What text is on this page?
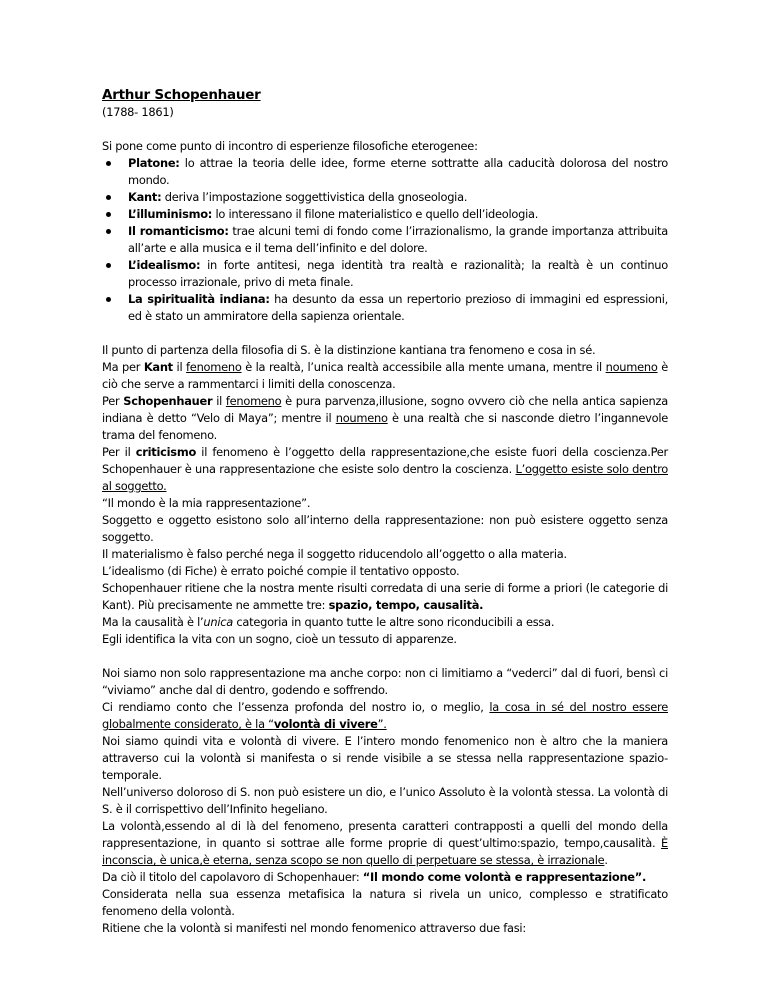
Arthur Schopenhauer
(1788- 1861)

Si pone come punto di incontro di esperienze filosofiche eterogenee:

Platone: lo attrae la teoria delle idee, forme eterne sottratte alla caducità dolorosa del nostro mondo.
Kant: deriva l’impostazione soggettivistica della gnoseologia.
L’illuminismo: lo interessano il filone materialistico e quello dell’ideologia.
Il romanticismo: trae alcuni temi di fondo come l’irrazionalismo, la grande importanza attribuita all’arte e alla musica e il tema dell’infinito e del dolore.
L’idealismo: in forte antitesi, nega identità tra realtà e razionalità; la realtà è un continuo processo irrazionale, privo di meta finale.
La spiritualità indiana: ha desunto da essa un repertorio prezioso di immagini ed espressioni, ed è stato un ammiratore della sapienza orientale.

Il punto di partenza della filosofia di S. è la distinzione kantiana tra fenomeno e cosa in sé.

Ma per Kant il fenomeno è la realtà, l’unica realtà accessibile alla mente umana, mentre il noumeno è ciò che serve a rammentarci i limiti della conoscenza.

Per Schopenhauer il fenomeno è pura parvenza,illusione, sogno ovvero ciò che nella antica sapienza indiana è detto “Velo di Maya”; mentre il noumeno è una realtà che si nasconde dietro l’ingannevole trama del fenomeno.

Per il criticismo il fenomeno è l’oggetto della rappresentazione,che esiste fuori della coscienza.Per Schopenhauer è una rappresentazione che esiste solo dentro la coscienza. L’oggetto esiste solo dentro al soggetto.

“Il mondo è la mia rappresentazione”.

Soggetto e oggetto esistono solo all’interno della rappresentazione: non può esistere oggetto senza soggetto.

Il materialismo è falso perché nega il soggetto riducendolo all’oggetto o alla materia.

L’idealismo (di Fiche) è errato poiché compie il tentativo opposto.

Schopenhauer ritiene che la nostra mente risulti corredata di una serie di forme a priori (le categorie di Kant). Più precisamente ne ammette tre: spazio, tempo, causalità.

Ma la causalità è l’unica categoria in quanto tutte le altre sono riconducibili a essa.

Egli identifica la vita con un sogno, cioè un tessuto di apparenze.

Noi siamo non solo rappresentazione ma anche corpo: non ci limitiamo a “vederci” dal di fuori, bensì ci “viviamo” anche dal di dentro, godendo e soffrendo.

Ci rendiamo conto che l’essenza profonda del nostro io, o meglio, la cosa in sé del nostro essere globalmente considerato, è la “volontà di vivere”.

Noi siamo quindi vita e volontà di vivere. E l’intero mondo fenomenico non è altro che la maniera attraverso cui la volontà si manifesta o si rende visibile a se stessa nella rappresentazione spazio-temporale.

Nell’universo doloroso di S. non può esistere un dio, e l’unico Assoluto è la volontà stessa. La volontà di S. è il corrispettivo dell’Infinito hegeliano.

La volontà,essendo al di là del fenomeno, presenta caratteri contrapposti a quelli del mondo della rappresentazione, in quanto si sottrae alle forme proprie di quest’ultimo:spazio, tempo,causalità. È inconscia, è unica,è eterna, senza scopo se non quello di perpetuare se stessa, è irrazionale.

Da ciò il titolo del capolavoro di Schopenhauer: “Il mondo come volontà e rappresentazione”.

Considerata nella sua essenza metafisica la natura si rivela un unico, complesso e stratificato fenomeno della volontà.

Ritiene che la volontà si manifesti nel mondo fenomenico attraverso due fasi:
